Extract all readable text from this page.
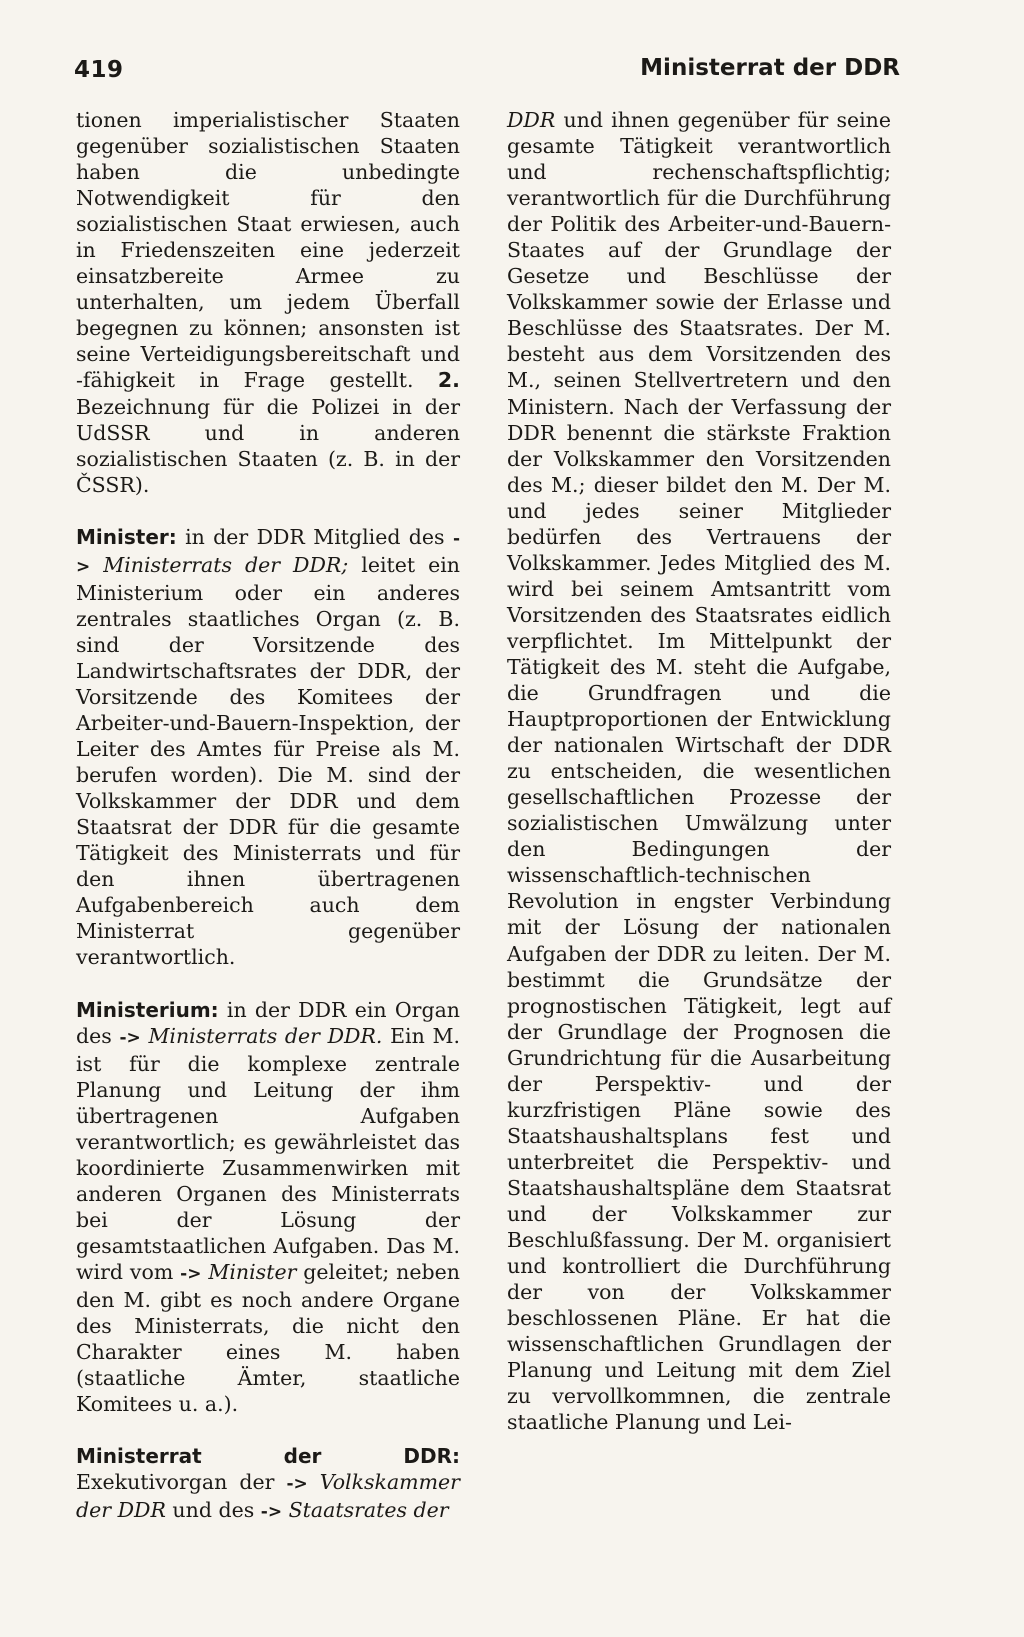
419	Ministerrat der DDR

tionen imperialistischer Staaten gegenüber sozialistischen Staaten haben die unbedingte Notwendigkeit für den sozialistischen Staat erwiesen, auch in Friedenszeiten eine jederzeit einsatzbereite Armee zu unterhalten, um jedem Überfall begegnen zu können; ansonsten ist seine Verteidigungsbereitschaft und -fähigkeit in Frage gestellt. 2. Bezeichnung für die Polizei in der UdSSR und in anderen sozialistischen Staaten (z. B. in der ČSSR).

Minister: in der DDR Mitglied des -> Ministerrats der DDR; leitet ein Ministerium oder ein anderes zentrales staatliches Organ (z. B. sind der Vorsitzende des Landwirtschaftsrates der DDR, der Vorsitzende des Komitees der Arbeiter-und-Bauern-Inspektion, der Leiter des Amtes für Preise als M. berufen worden). Die M. sind der Volkskammer der DDR und dem Staatsrat der DDR für die gesamte Tätigkeit des Ministerrats und für den ihnen übertragenen Aufgabenbereich auch dem Ministerrat gegenüber verantwortlich.

Ministerium: in der DDR ein Organ des -> Ministerrats der DDR. Ein M. ist für die komplexe zentrale Planung und Leitung der ihm übertragenen Aufgaben verantwortlich; es gewährleistet das koordinierte Zusammenwirken mit anderen Organen des Ministerrats bei der Lösung der gesamtstaatlichen Aufgaben. Das M. wird vom -> Minister geleitet; neben den M. gibt es noch andere Organe des Ministerrats, die nicht den Charakter eines M. haben (staatliche Ämter, staatliche Komitees u. a.).

Ministerrat der DDR: Exekutivorgan der -> Volkskammer der DDR und des -> Staatsrates der

DDR und ihnen gegenüber für seine gesamte Tätigkeit verantwortlich und rechenschaftspflichtig; verantwortlich für die Durchführung der Politik des Arbeiter-und-Bauern-Staates auf der Grundlage der Gesetze und Beschlüsse der Volkskammer sowie der Erlasse und Beschlüsse des Staatsrates. Der M. besteht aus dem Vorsitzenden des M., seinen Stellvertretern und den Ministern. Nach der Verfassung der DDR benennt die stärkste Fraktion der Volkskammer den Vorsitzenden des M.; dieser bildet den M. Der M. und jedes seiner Mitglieder bedürfen des Vertrauens der Volkskammer. Jedes Mitglied des M. wird bei seinem Amtsantritt vom Vorsitzenden des Staatsrates eidlich verpflichtet. Im Mittelpunkt der Tätigkeit des M. steht die Aufgabe, die Grundfragen und die Hauptproportionen der Entwicklung der nationalen Wirtschaft der DDR zu entscheiden, die wesentlichen gesellschaftlichen Prozesse der sozialistischen Umwälzung unter den Bedingungen der wissenschaftlich-technischen Revolution in engster Verbindung mit der Lösung der nationalen Aufgaben der DDR zu leiten. Der M. bestimmt die Grundsätze der prognostischen Tätigkeit, legt auf der Grundlage der Prognosen die Grundrichtung für die Ausarbeitung der Perspektiv- und der kurzfristigen Pläne sowie des Staatshaushaltsplans fest und unterbreitet die Perspektiv- und Staatshaushaltspläne dem Staatsrat und der Volkskammer zur Beschlußfassung. Der M. organisiert und kontrolliert die Durchführung der von der Volkskammer beschlossenen Pläne. Er hat die wissenschaftlichen Grundlagen der Planung und Leitung mit dem Ziel zu vervollkommnen, die zentrale staatliche Planung und Lei-
